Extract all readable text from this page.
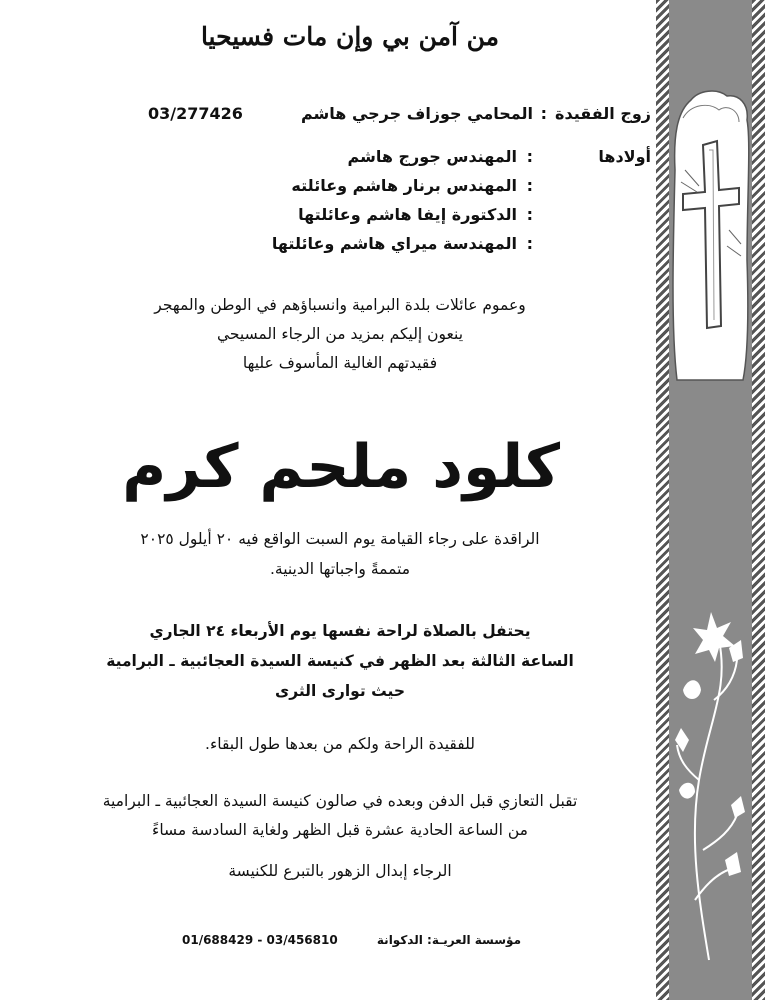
من آمن بي وإن مات فسيحيا
زوج الفقيدة
:
المحامي جوزاف جرجي هاشم
03/277426
أولادها
:
المهندس جورج هاشم
:
المهندس برنار هاشم وعائلته
:
الدكتورة إيفا هاشم وعائلتها
:
المهندسة ميراي هاشم وعائلتها
وعموم عائلات بلدة البرامية وانسباؤهم في الوطن والمهجر
ينعون إليكم بمزيد من الرجاء المسيحي
فقيدتهم الغالية المأسوف عليها
كلود ملحم كرم
الراقدة على رجاء القيامة يوم السبت الواقع فيه ٢٠ أيلول ٢٠٢٥
متممةً واجباتها الدينية.
يحتفل بالصلاة لراحة نفسها يوم الأربعاء ٢٤ الجاري
الساعة الثالثة بعد الظهر في كنيسة السيدة العجائبية ـ البرامية
حيث توارى الثرى
للفقيدة الراحة ولكم من بعدها طول البقاء.
تقبل التعازي قبل الدفن وبعده في صالون كنيسة السيدة العجائبية ـ البرامية
من الساعة الحادية عشرة قبل الظهر ولغاية السادسة مساءً
الرجاء إبدال الزهور بالتبرع للكنيسة
مؤسسة العريـة: الدكوانة
01/688429 - 03/456810
